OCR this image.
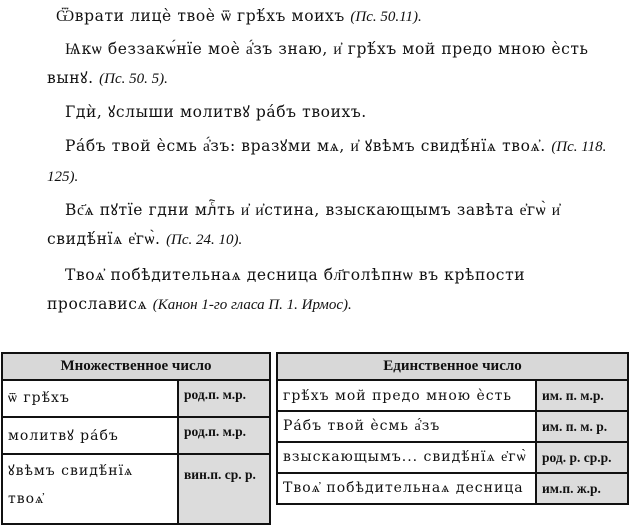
Ѿврати лицѐ твоѐ ѿ грѣ́хъ моихъ (Пс. 50.11).
Ѩкѡ беззакѡ́нїе моѐ а҆́зъ знаю, и҆ грѣ́хъ мой предо мною ѐсть вынꙋ. (Пс. 50. 5).
Гдѝ, ꙋслыши молитвꙋ ра́бъ твоихъ.
Ра́бъ твой ѐсмь а҆́зъ: вразꙋми мѧ, и҆ ꙋвѣмъ свидѣ́нїѧ твоѧ҆. (Пс. 118. 125).
Вс҃ѧ пꙋтїе гдни млⷭ҇ть и҆ и҆стина, взыскающымъ завѣта е҆гѡ̀ и҆ свидѣ́нїѧ е҆гѡ̀. (Пс. 24. 10).
Твоѧ҆ побѣдительнаѧ десница бл҃голѣпнѡ въ крѣпости прослависѧ (Канон 1-го гласа П. 1. Ирмос).
Множественное число	
ѿ грѣ́хъ	род.п. м.р.
молитвꙋ ра́бъ	род.п. м.р.
ꙋвѣмъ свидѣ́нїѧ твоѧ҆	вин.п. ср. р.
Единственное число	
грѣ́хъ мой предо мною ѐсть	им. п. м.р.
Ра́бъ твой ѐсмь а҆́зъ	им. п. м. р.
взыскающымъ... свидѣ́нїѧ е҆гѡ̀	род. р. ср.р.
Твоѧ҆ побѣдительнаѧ десница	им.п. ж.р.
